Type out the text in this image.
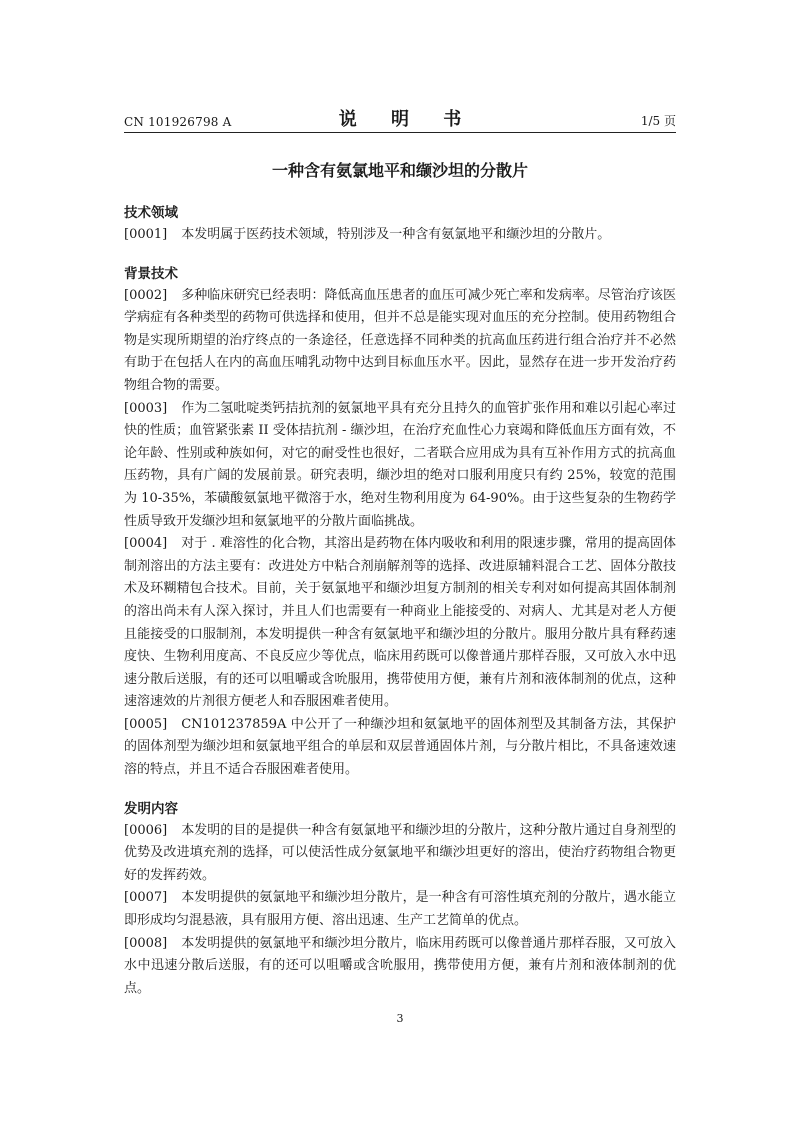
CN 101926798 A	说 明 书	1/5 页
一种含有氨氯地平和缬沙坦的分散片
技术领域

[0001] 本发明属于医药技术领域，特别涉及一种含有氨氯地平和缬沙坦的分散片。

背景技术

[0002] 多种临床研究已经表明：降低高血压患者的血压可减少死亡率和发病率。尽管治疗该医学病症有各种类型的药物可供选择和使用，但并不总是能实现对血压的充分控制。使用药物组合物是实现所期望的治疗终点的一条途径，任意选择不同种类的抗高血压药进行组合治疗并不必然有助于在包括人在内的高血压哺乳动物中达到目标血压水平。因此，显然存在进一步开发治疗药物组合物的需要。

[0003] 作为二氢吡啶类钙拮抗剂的氨氯地平具有充分且持久的血管扩张作用和难以引起心率过快的性质；血管紧张素 II 受体拮抗剂 - 缬沙坦，在治疗充血性心力衰竭和降低血压方面有效，不论年龄、性别或种族如何，对它的耐受性也很好，二者联合应用成为具有互补作用方式的抗高血压药物，具有广阔的发展前景。研究表明，缬沙坦的绝对口服利用度只有约 25%，较宽的范围为 10-35%，苯磺酸氨氯地平微溶于水，绝对生物利用度为 64-90%。由于这些复杂的生物药学性质导致开发缬沙坦和氨氯地平的分散片面临挑战。

[0004] 对于 . 难溶性的化合物，其溶出是药物在体内吸收和利用的限速步骤，常用的提高固体制剂溶出的方法主要有：改进处方中粘合剂崩解剂等的选择、改进原辅料混合工艺、固体分散技术及环糊精包合技术。目前，关于氨氯地平和缬沙坦复方制剂的相关专利对如何提高其固体制剂的溶出尚未有人深入探讨，并且人们也需要有一种商业上能接受的、对病人、尤其是对老人方便且能接受的口服制剂，本发明提供一种含有氨氯地平和缬沙坦的分散片。服用分散片具有释药速度快、生物利用度高、不良反应少等优点，临床用药既可以像普通片那样吞服，又可放入水中迅速分散后送服，有的还可以咀嚼或含吮服用，携带使用方便，兼有片剂和液体制剂的优点，这种速溶速效的片剂很方便老人和吞服困难者使用。

[0005] CN101237859A 中公开了一种缬沙坦和氨氯地平的固体剂型及其制备方法，其保护的固体剂型为缬沙坦和氨氯地平组合的单层和双层普通固体片剂，与分散片相比，不具备速效速溶的特点，并且不适合吞服困难者使用。

发明内容

[0006] 本发明的目的是提供一种含有氨氯地平和缬沙坦的分散片，这种分散片通过自身剂型的优势及改进填充剂的选择，可以使活性成分氨氯地平和缬沙坦更好的溶出，使治疗药物组合物更好的发挥药效。

[0007] 本发明提供的氨氯地平和缬沙坦分散片，是一种含有可溶性填充剂的分散片，遇水能立即形成均匀混悬液，具有服用方便、溶出迅速、生产工艺简单的优点。

[0008] 本发明提供的氨氯地平和缬沙坦分散片，临床用药既可以像普通片那样吞服，又可放入水中迅速分散后送服，有的还可以咀嚼或含吮服用，携带使用方便，兼有片剂和液体制剂的优点。

3
